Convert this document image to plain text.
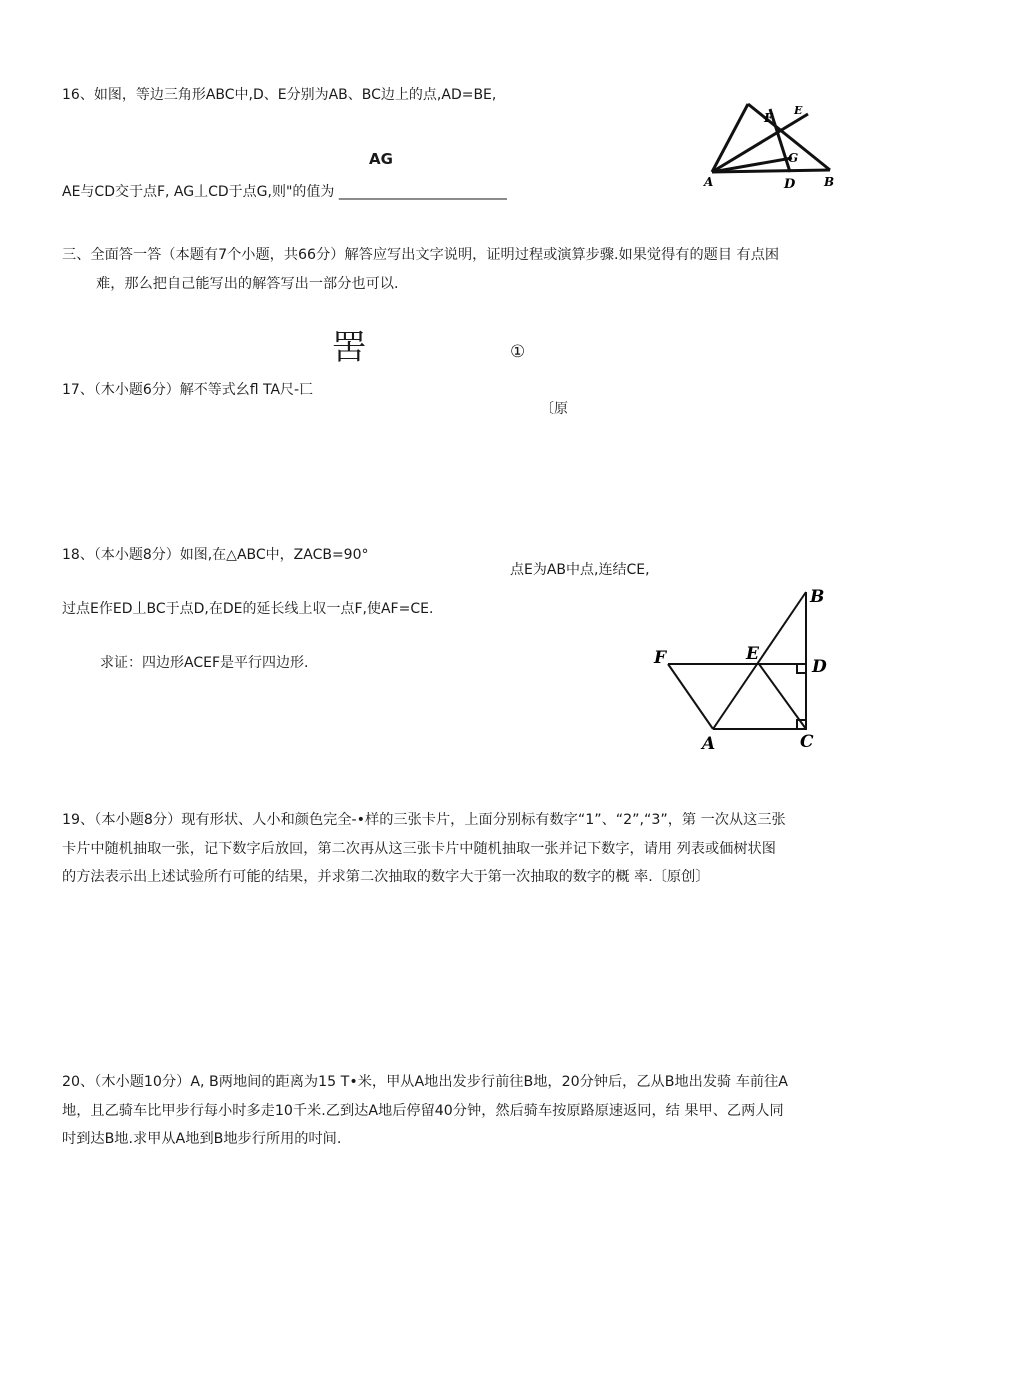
16、如图，等边三角形ABC中,D、E分别为AB、BC边上的点,AD=BE,
AG
AE与CD交于点F, AG丄CD于点G,则"的值为 ________________________
A	D B
F
G
E
三、全面答一答（本题有7个小题，共66分）解答应写出文字说明，证明过程或演算步骤.如果觉得有的题目 有点困
难，那么把自己能写出的解答写出一部分也可以.
罟	①
17、（木小题6分）解不等式幺fl TA尺-匸
〔原
18、（本小题8分）如图,在△ABC中，ZACB=90°
点E为AB中点,连结CE,
过点E作ED丄BC于点D,在DE的延长线上収一点F,使AF=CE.
求证：四边形ACEF是平行四边形.
B
F	E
D
A	C
19、（本小题8分）现有形状、人小和颜色完全-•样的三张卡片，上面分别标有数字“1”、“2”,“3”，第 一次从这三张
卡片中随机抽取一张，记下数字后放回，第二次再从这三张卡片中随机抽取一张并记下数字，请用 列表或価树状图
的方法表示出上述试验所冇可能的结果，并求第二次抽取的数字大于第一次抽取的数字的概 率.〔原创〕
20、（木小题10分）A, B两地间的距离为15 T•米，甲从A地出发步行前往B地，20分钟后，乙从B地出发骑 车前往A
地，且乙骑车比甲步行每小时多走10千米.乙到达A地后停留40分钟，然后骑车按原路原速返冋，结 果甲、乙两人同
吋到达B地.求甲从A地到B地步行所用的吋间.
